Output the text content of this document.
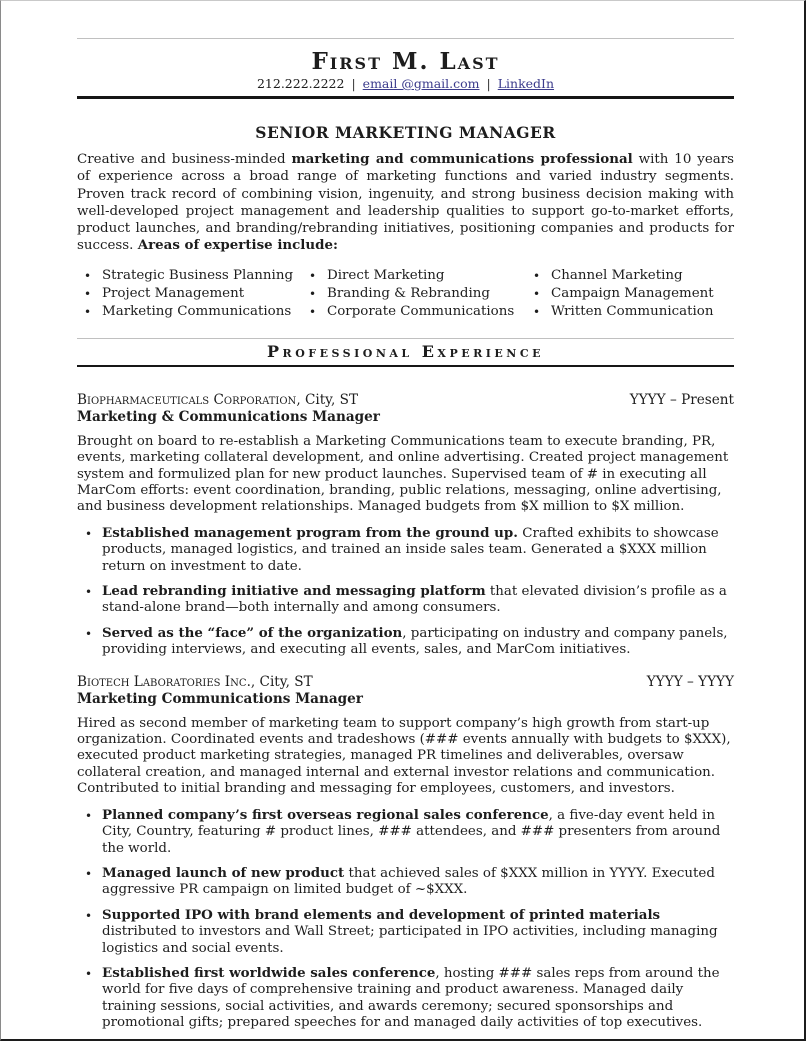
First M. Last
212.222.2222 | email @gmail.com | LinkedIn
SENIOR MARKETING MANAGER

Creative and business-minded marketing and communications professional with 10 years of experience across a broad range of marketing functions and varied industry segments. Proven track record of combining vision, ingenuity, and strong business decision making with well-developed project management and leadership qualities to support go-to-market efforts, product launches, and branding/rebranding initiatives, positioning companies and products for success. Areas of expertise include:

• Strategic Business Planning	• Direct Marketing	• Channel Marketing
• Project Management	• Branding & Rebranding	• Campaign Management
• Marketing Communications	• Corporate Communications	• Written Communication
Professional Experience
Biopharmaceuticals Corporation, City, ST	YYYY – Present
Marketing & Communications Manager

Brought on board to re-establish a Marketing Communications team to execute branding, PR, events, marketing collateral development, and online advertising. Created project management system and formulized plan for new product launches. Supervised team of # in executing all MarCom efforts: event coordination, branding, public relations, messaging, online advertising, and business development relationships. Managed budgets from $X million to $X million.

• Established management program from the ground up. Crafted exhibits to showcase products, managed logistics, and trained an inside sales team. Generated a $XXX million return on investment to date.
• Lead rebranding initiative and messaging platform that elevated division’s profile as a stand-alone brand—both internally and among consumers.
• Served as the “face” of the organization, participating on industry and company panels, providing interviews, and executing all events, sales, and MarCom initiatives.
Biotech Laboratories Inc., City, ST	YYYY – YYYY
Marketing Communications Manager

Hired as second member of marketing team to support company’s high growth from start-up organization. Coordinated events and tradeshows (### events annually with budgets to $XXX), executed product marketing strategies, managed PR timelines and deliverables, oversaw collateral creation, and managed internal and external investor relations and communication. Contributed to initial branding and messaging for employees, customers, and investors.

• Planned company’s first overseas regional sales conference, a five-day event held in City, Country, featuring # product lines, ### attendees, and ### presenters from around the world.
• Managed launch of new product that achieved sales of $XXX million in YYYY. Executed aggressive PR campaign on limited budget of ~$XXX.
• Supported IPO with brand elements and development of printed materials distributed to investors and Wall Street; participated in IPO activities, including managing logistics and social events.
• Established first worldwide sales conference, hosting ### sales reps from around the world for five days of comprehensive training and product awareness. Managed daily training sessions, social activities, and awards ceremony; secured sponsorships and promotional gifts; prepared speeches for and managed daily activities of top executives.
